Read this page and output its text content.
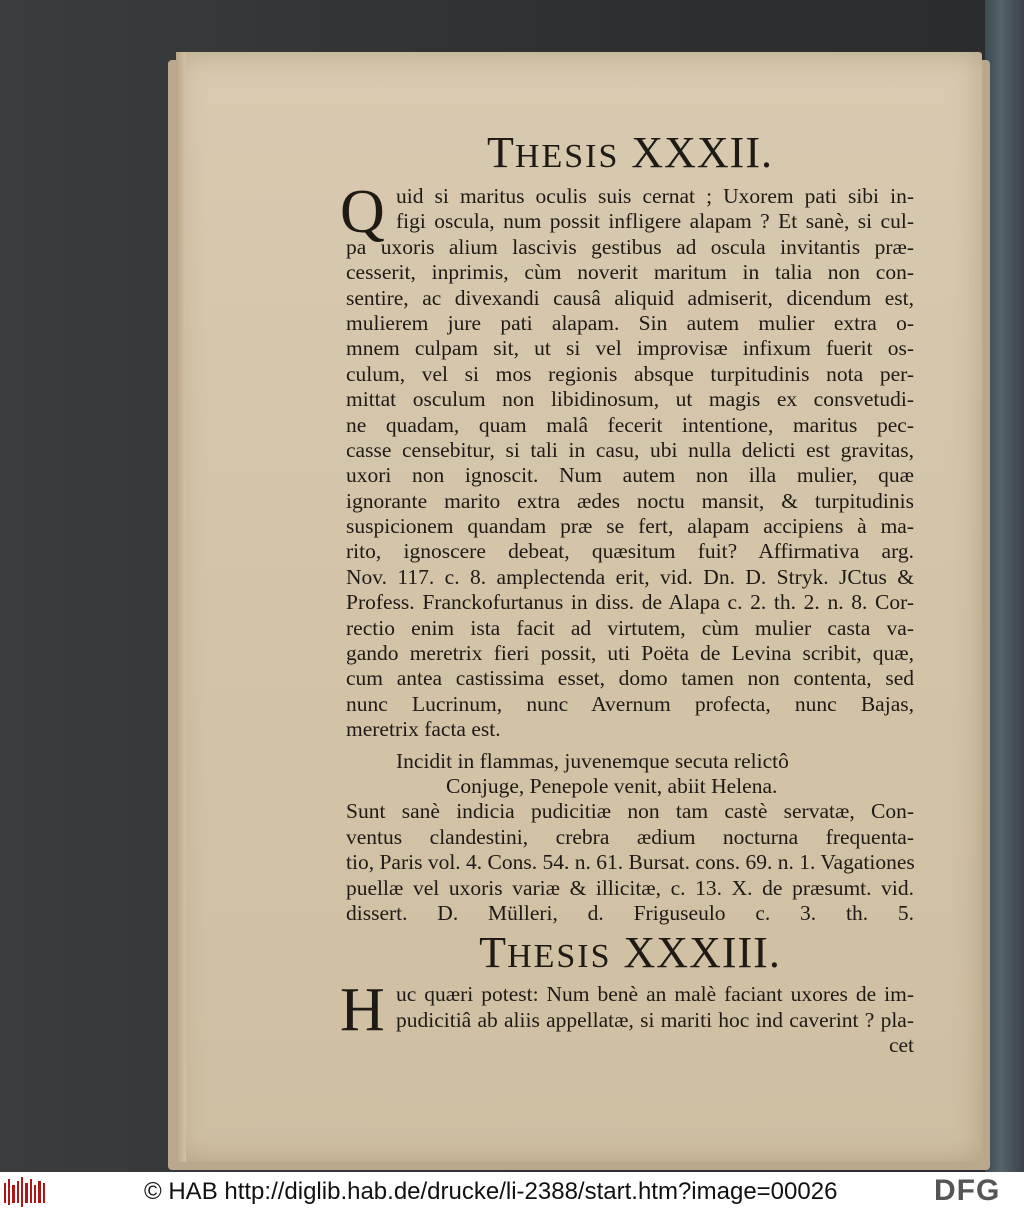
THESIS XXXII.
Q uid si maritus oculis suis cernat ; Uxorem pati sibi in-
figi oscula, num possit infligere alapam ? Et sanè, si cul-
pa uxoris alium lascivis gestibus ad oscula invitantis præ-
cesserit, inprimis, cùm noverit maritum in talia non con-
sentire, ac divexandi causâ aliquid admiserit, dicendum est,
mulierem jure pati alapam. Sin autem mulier extra o-
mnem culpam sit, ut si vel improvisæ infixum fuerit os-
culum, vel si mos regionis absque turpitudinis nota per-
mittat osculum non libidinosum, ut magis ex consvetudi-
ne quadam, quam malâ fecerit intentione, maritus pec-
casse censebitur, si tali in casu, ubi nulla delicti est gravitas,
uxori non ignoscit. Num autem non illa mulier, quæ
ignorante marito extra ædes noctu mansit, & turpitudinis
suspicionem quandam præ se fert, alapam accipiens à ma-
rito, ignoscere debeat, quæsitum fuit? Affirmativa arg.
Nov. 117. c. 8. amplectenda erit, vid. Dn. D. Stryk. JCtus &
Profess. Franckofurtanus in diss. de Alapa c. 2. th. 2. n. 8. Cor-
rectio enim ista facit ad virtutem, cùm mulier casta va-
gando meretrix fieri possit, uti Poëta de Levina scribit, quæ,
cum antea castissima esset, domo tamen non contenta, sed
nunc Lucrinum, nunc Avernum profecta, nunc Bajas,
meretrix facta est.
Incidit in flammas, juvenemque secuta relictô
Conjuge, Penepole venit, abiit Helena.
Sunt sanè indicia pudicitiæ non tam castè servatæ, Con-
ventus clandestini, crebra ædium nocturna frequenta-
tio, Paris vol. 4. Cons. 54. n. 61. Bursat. cons. 69. n. 1. Vagationes
puellæ vel uxoris variæ & illicitæ, c. 13. X. de præsumt. vid.
dissert. D. Mülleri, d. Friguseulo c. 3. th. 5.
THESIS XXXIII.
H uc quæri potest: Num benè an malè faciant uxores de im-
pudicitiâ ab aliis appellatæ, si mariti hoc ind caverint ? pla-
cet
© HAB http://diglib.hab.de/drucke/li-2388/start.htm?image=00026	DFG
